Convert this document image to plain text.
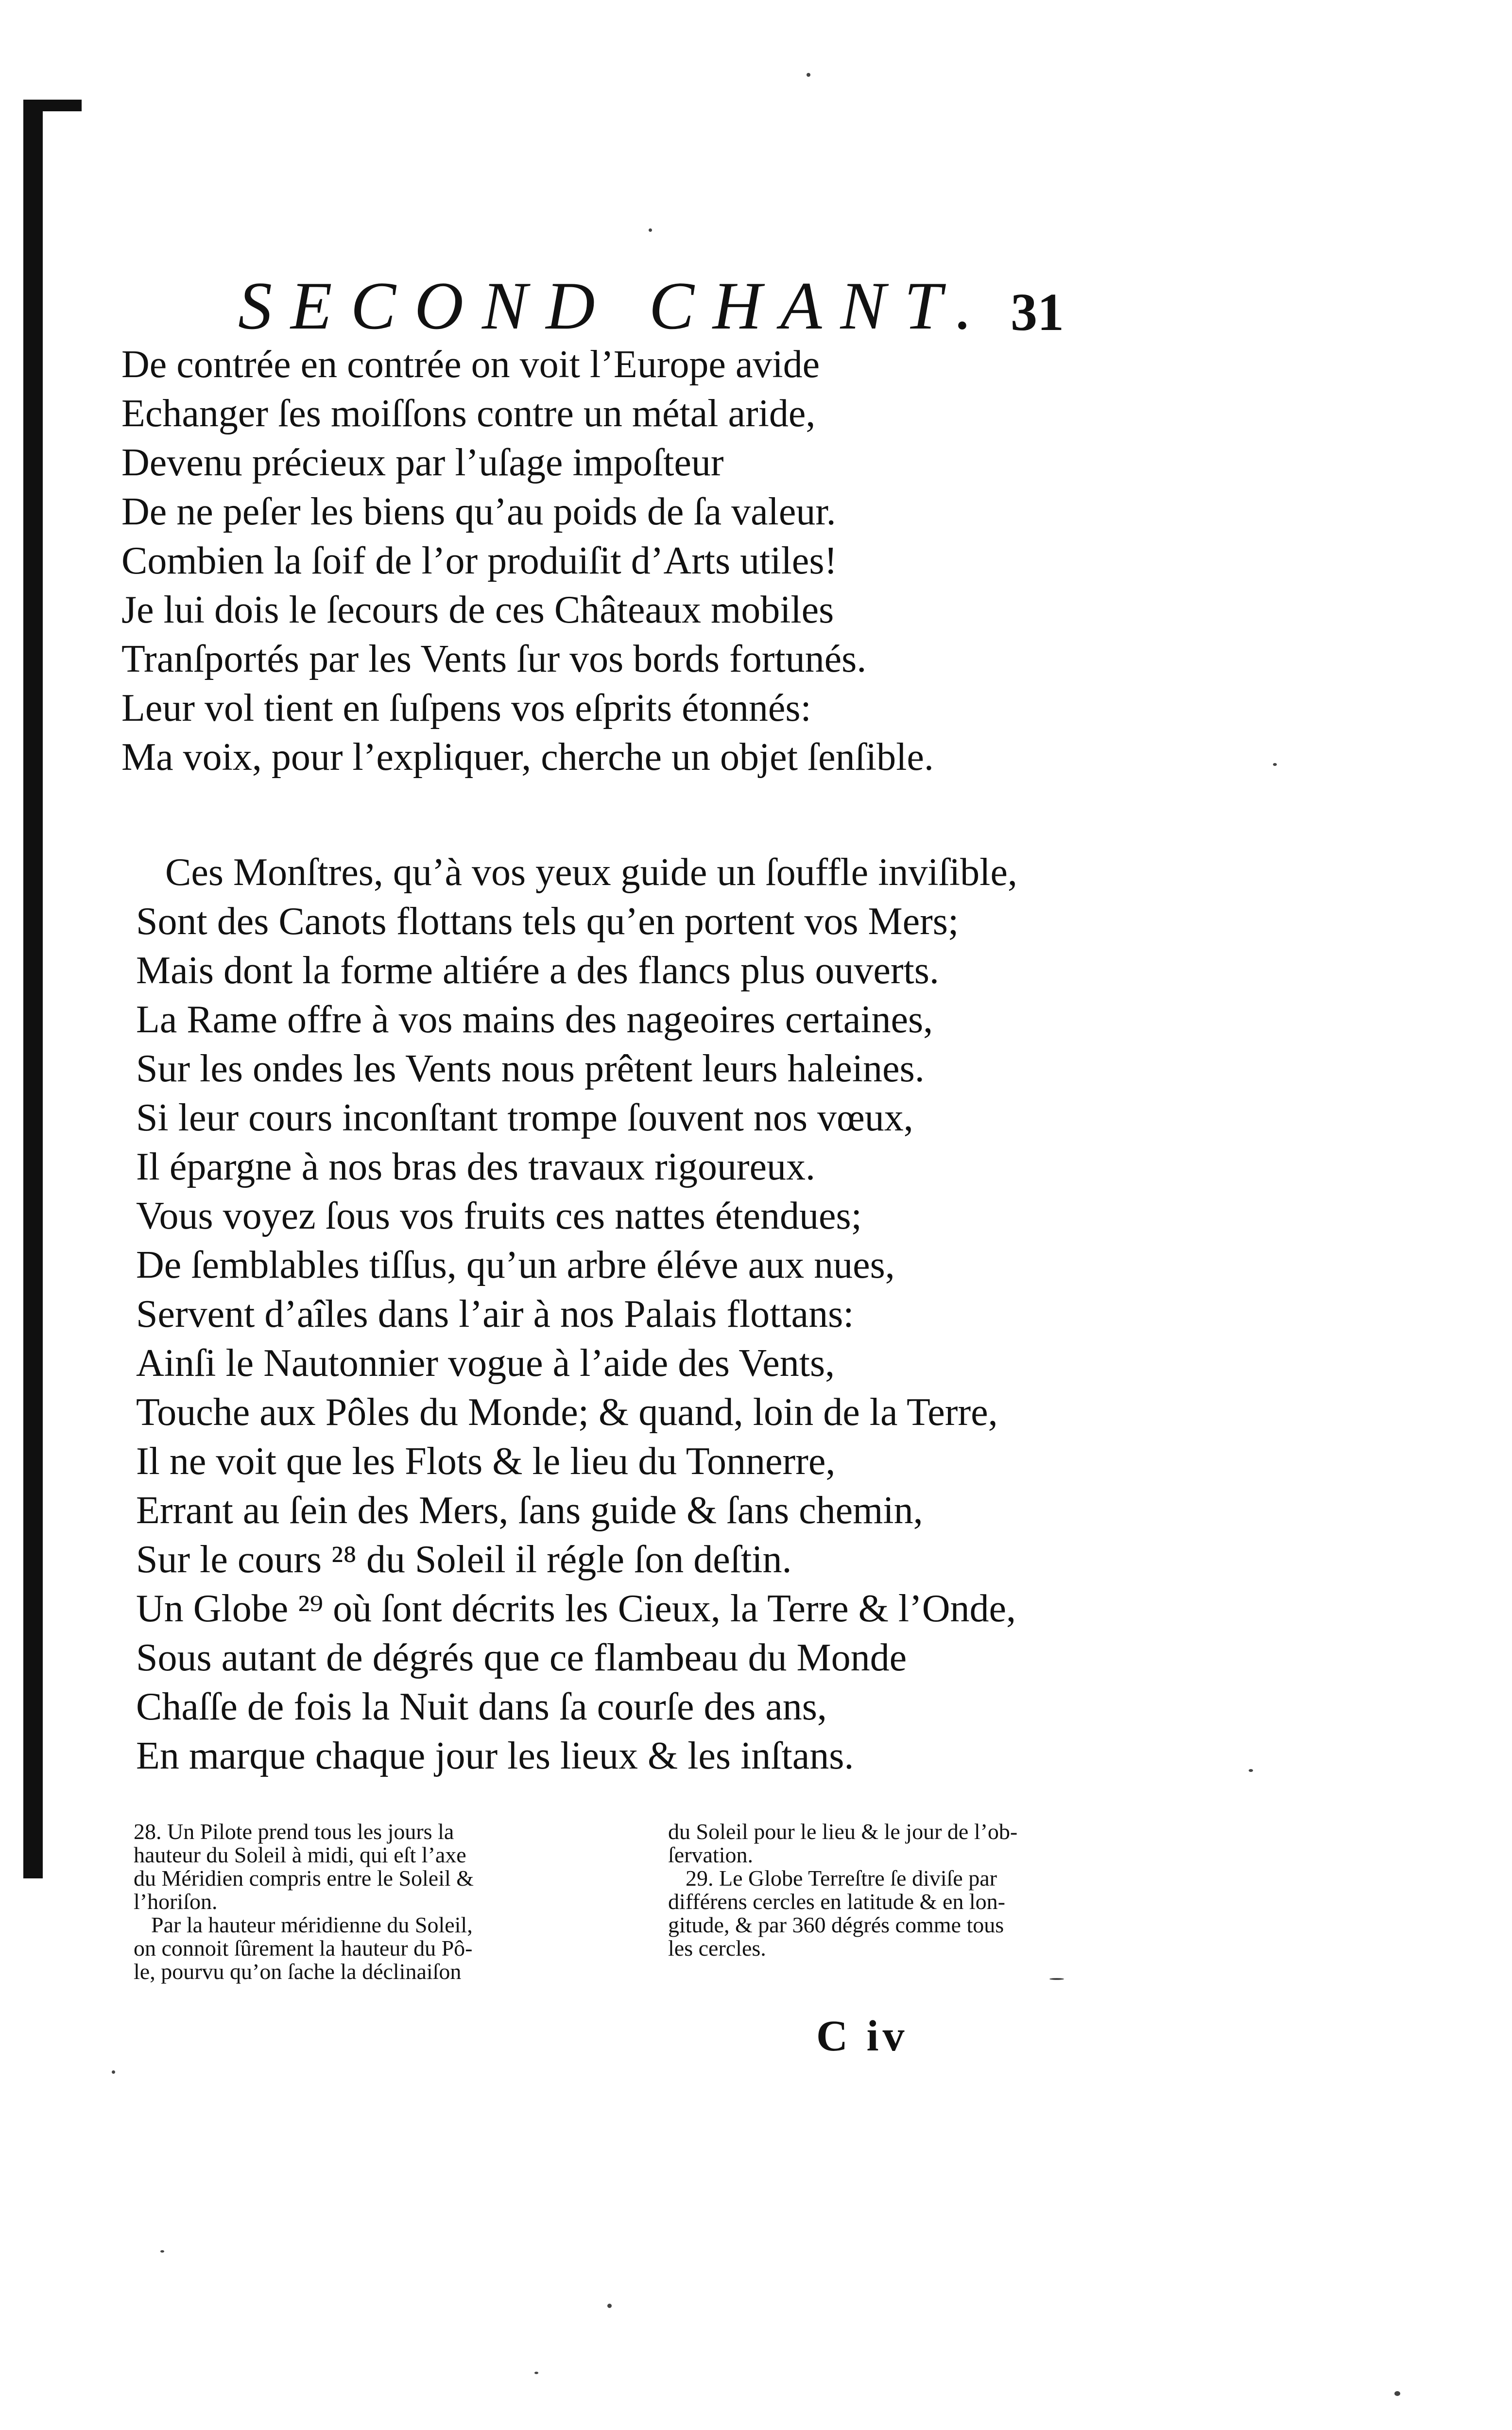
SECOND CHANT. 31
De contrée en contrée on voit l’Europe avide
Echanger ſes moiſſons contre un métal aride,
Devenu précieux par l’uſage impoſteur
De ne peſer les biens qu’au poids de ſa valeur.
Combien la ſoif de l’or produiſit d’Arts utiles!
Je lui dois le ſecours de ces Châteaux mobiles
Tranſportés par les Vents ſur vos bords fortunés.
Leur vol tient en ſuſpens vos eſprits étonnés:
Ma voix, pour l’expliquer, cherche un objet ſenſible.
Ces Monſtres, qu’à vos yeux guide un ſouffle inviſible,
Sont des Canots flottans tels qu’en portent vos Mers;
Mais dont la forme altiére a des flancs plus ouverts.
La Rame offre à vos mains des nageoires certaines,
Sur les ondes les Vents nous prêtent leurs haleines.
Si leur cours inconſtant trompe ſouvent nos vœux,
Il épargne à nos bras des travaux rigoureux.
Vous voyez ſous vos fruits ces nattes étendues;
De ſemblables tiſſus, qu’un arbre éléve aux nues,
Servent d’aîles dans l’air à nos Palais flottans:
Ainſi le Nautonnier vogue à l’aide des Vents,
Touche aux Pôles du Monde; & quand, loin de la Terre,
Il ne voit que les Flots & le lieu du Tonnerre,
Errant au ſein des Mers, ſans guide & ſans chemin,
Sur le cours ²⁸ du Soleil il régle ſon deſtin.
Un Globe ²⁹ où ſont décrits les Cieux, la Terre & l’Onde,
Sous autant de dégrés que ce flambeau du Monde
Chaſſe de fois la Nuit dans ſa courſe des ans,
En marque chaque jour les lieux & les inſtans.
28. Un Pilote prend tous les jours la
hauteur du Soleil à midi, qui eſt l’axe
du Méridien compris entre le Soleil &
l’horiſon.
Par la hauteur méridienne du Soleil,
on connoit ſûrement la hauteur du Pô-
le, pourvu qu’on ſache la déclinaiſon
du Soleil pour le lieu & le jour de l’ob-
ſervation.
29. Le Globe Terreſtre ſe diviſe par
différens cercles en latitude & en lon-
gitude, & par 360 dégrés comme tous
les cercles.
C iv
